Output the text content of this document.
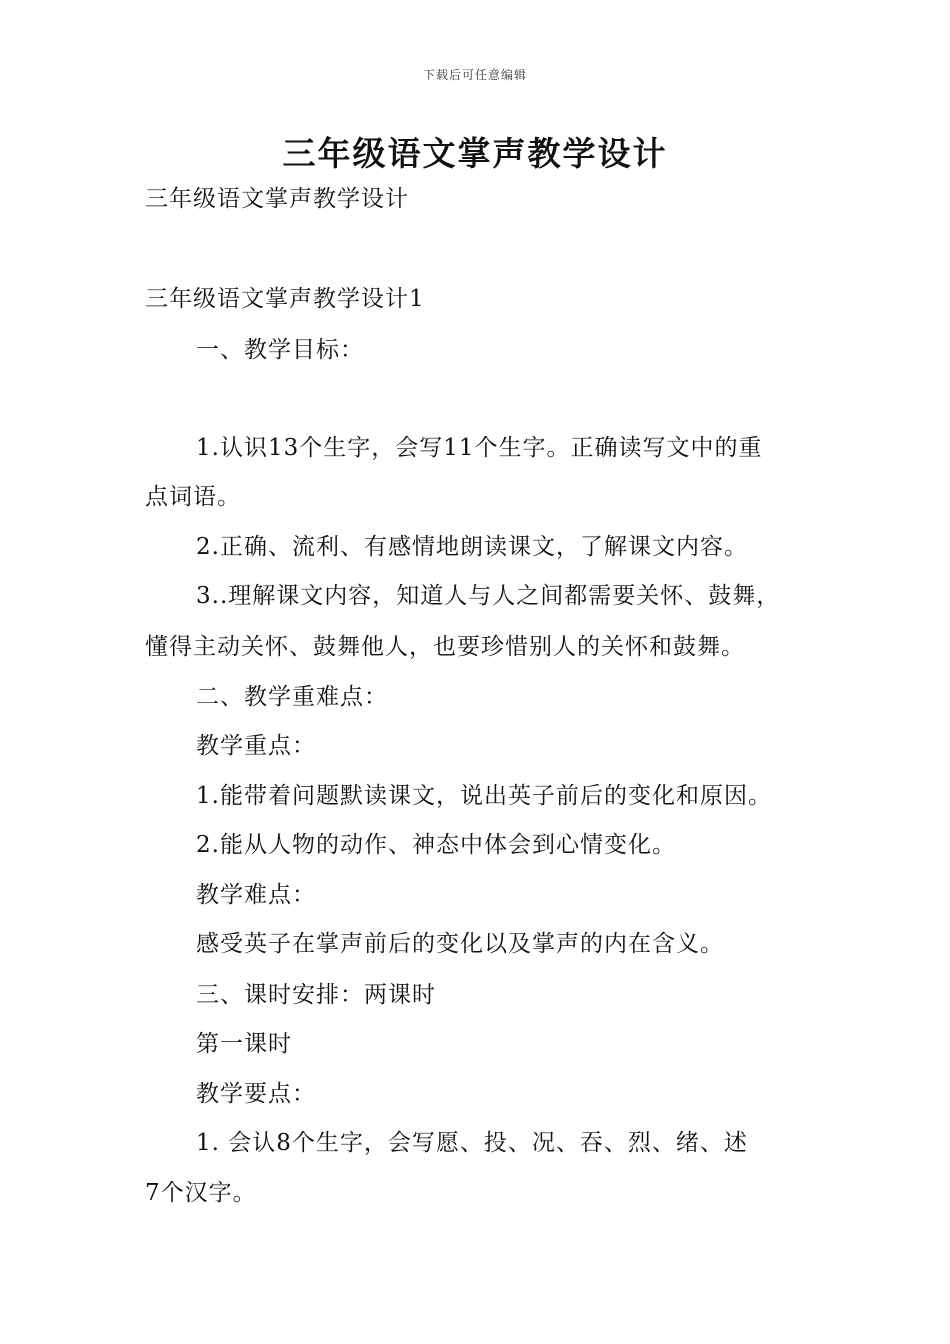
下载后可任意编辑
三年级语文掌声教学设计
三年级语文掌声教学设计
三年级语文掌声教学设计1
一、教学目标：
1.认识13个生字，会写11个生字。正确读写文中的重
点词语。
2.正确、流利、有感情地朗读课文，了解课文内容。
3..理解课文内容，知道人与人之间都需要关怀、鼓舞，
懂得主动关怀、鼓舞他人，也要珍惜别人的关怀和鼓舞。
二、教学重难点：
教学重点：
1.能带着问题默读课文，说出英子前后的变化和原因。
2.能从人物的动作、神态中体会到心情变化。
教学难点：
感受英子在掌声前后的变化以及掌声的内在含义。
三、课时安排：两课时
第一课时
教学要点：
1. 会认8个生字，会写愿、投、况、吞、烈、绪、述
7个汉字。
